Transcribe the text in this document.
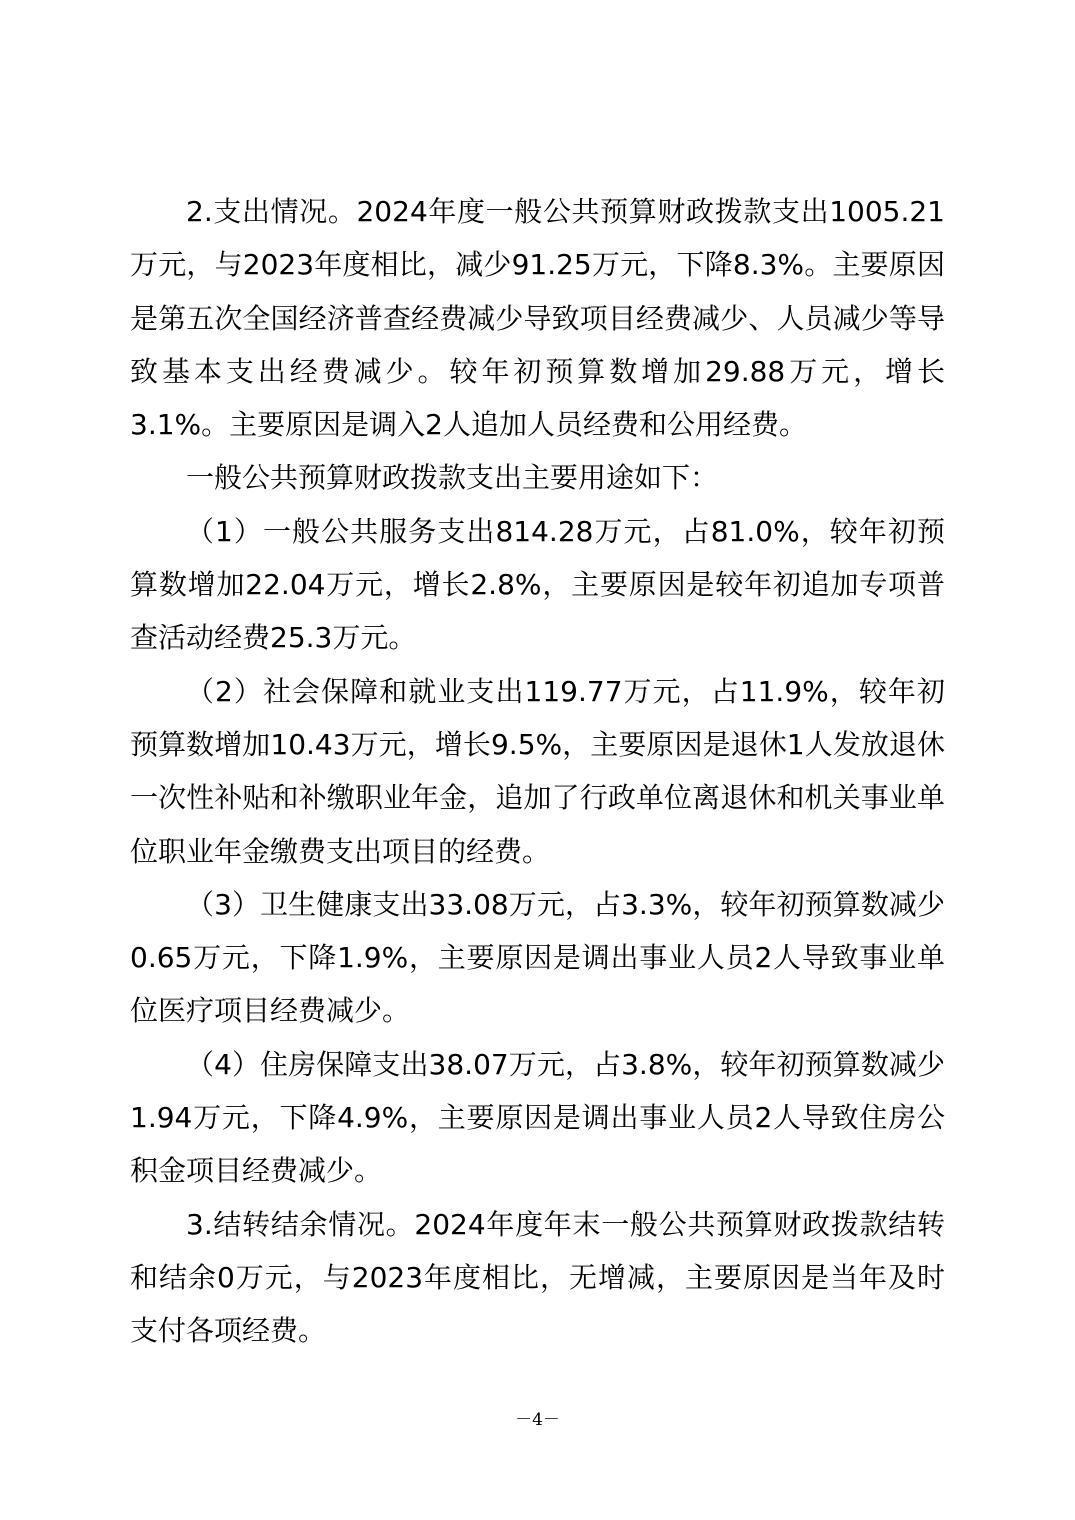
2.支出情况。2024年度一般公共预算财政拨款支出1005.21万元，与2023年度相比，减少91.25万元，下降8.3%。主要原因是第五次全国经济普查经费减少导致项目经费减少、人员减少等导致基本支出经费减少。较年初预算数增加29.88万元，增长3.1%。主要原因是调入2人追加人员经费和公用经费。

一般公共预算财政拨款支出主要用途如下：

（1）一般公共服务支出814.28万元，占81.0%，较年初预算数增加22.04万元，增长2.8%，主要原因是较年初追加专项普查活动经费25.3万元。

（2）社会保障和就业支出119.77万元，占11.9%，较年初预算数增加10.43万元，增长9.5%，主要原因是退休1人发放退休一次性补贴和补缴职业年金，追加了行政单位离退休和机关事业单位职业年金缴费支出项目的经费。

（3）卫生健康支出33.08万元，占3.3%，较年初预算数减少0.65万元，下降1.9%，主要原因是调出事业人员2人导致事业单位医疗项目经费减少。

（4）住房保障支出38.07万元，占3.8%，较年初预算数减少1.94万元，下降4.9%，主要原因是调出事业人员2人导致住房公积金项目经费减少。

3.结转结余情况。2024年度年末一般公共预算财政拨款结转和结余0万元，与2023年度相比，无增减，主要原因是当年及时支付各项经费。

－4－
